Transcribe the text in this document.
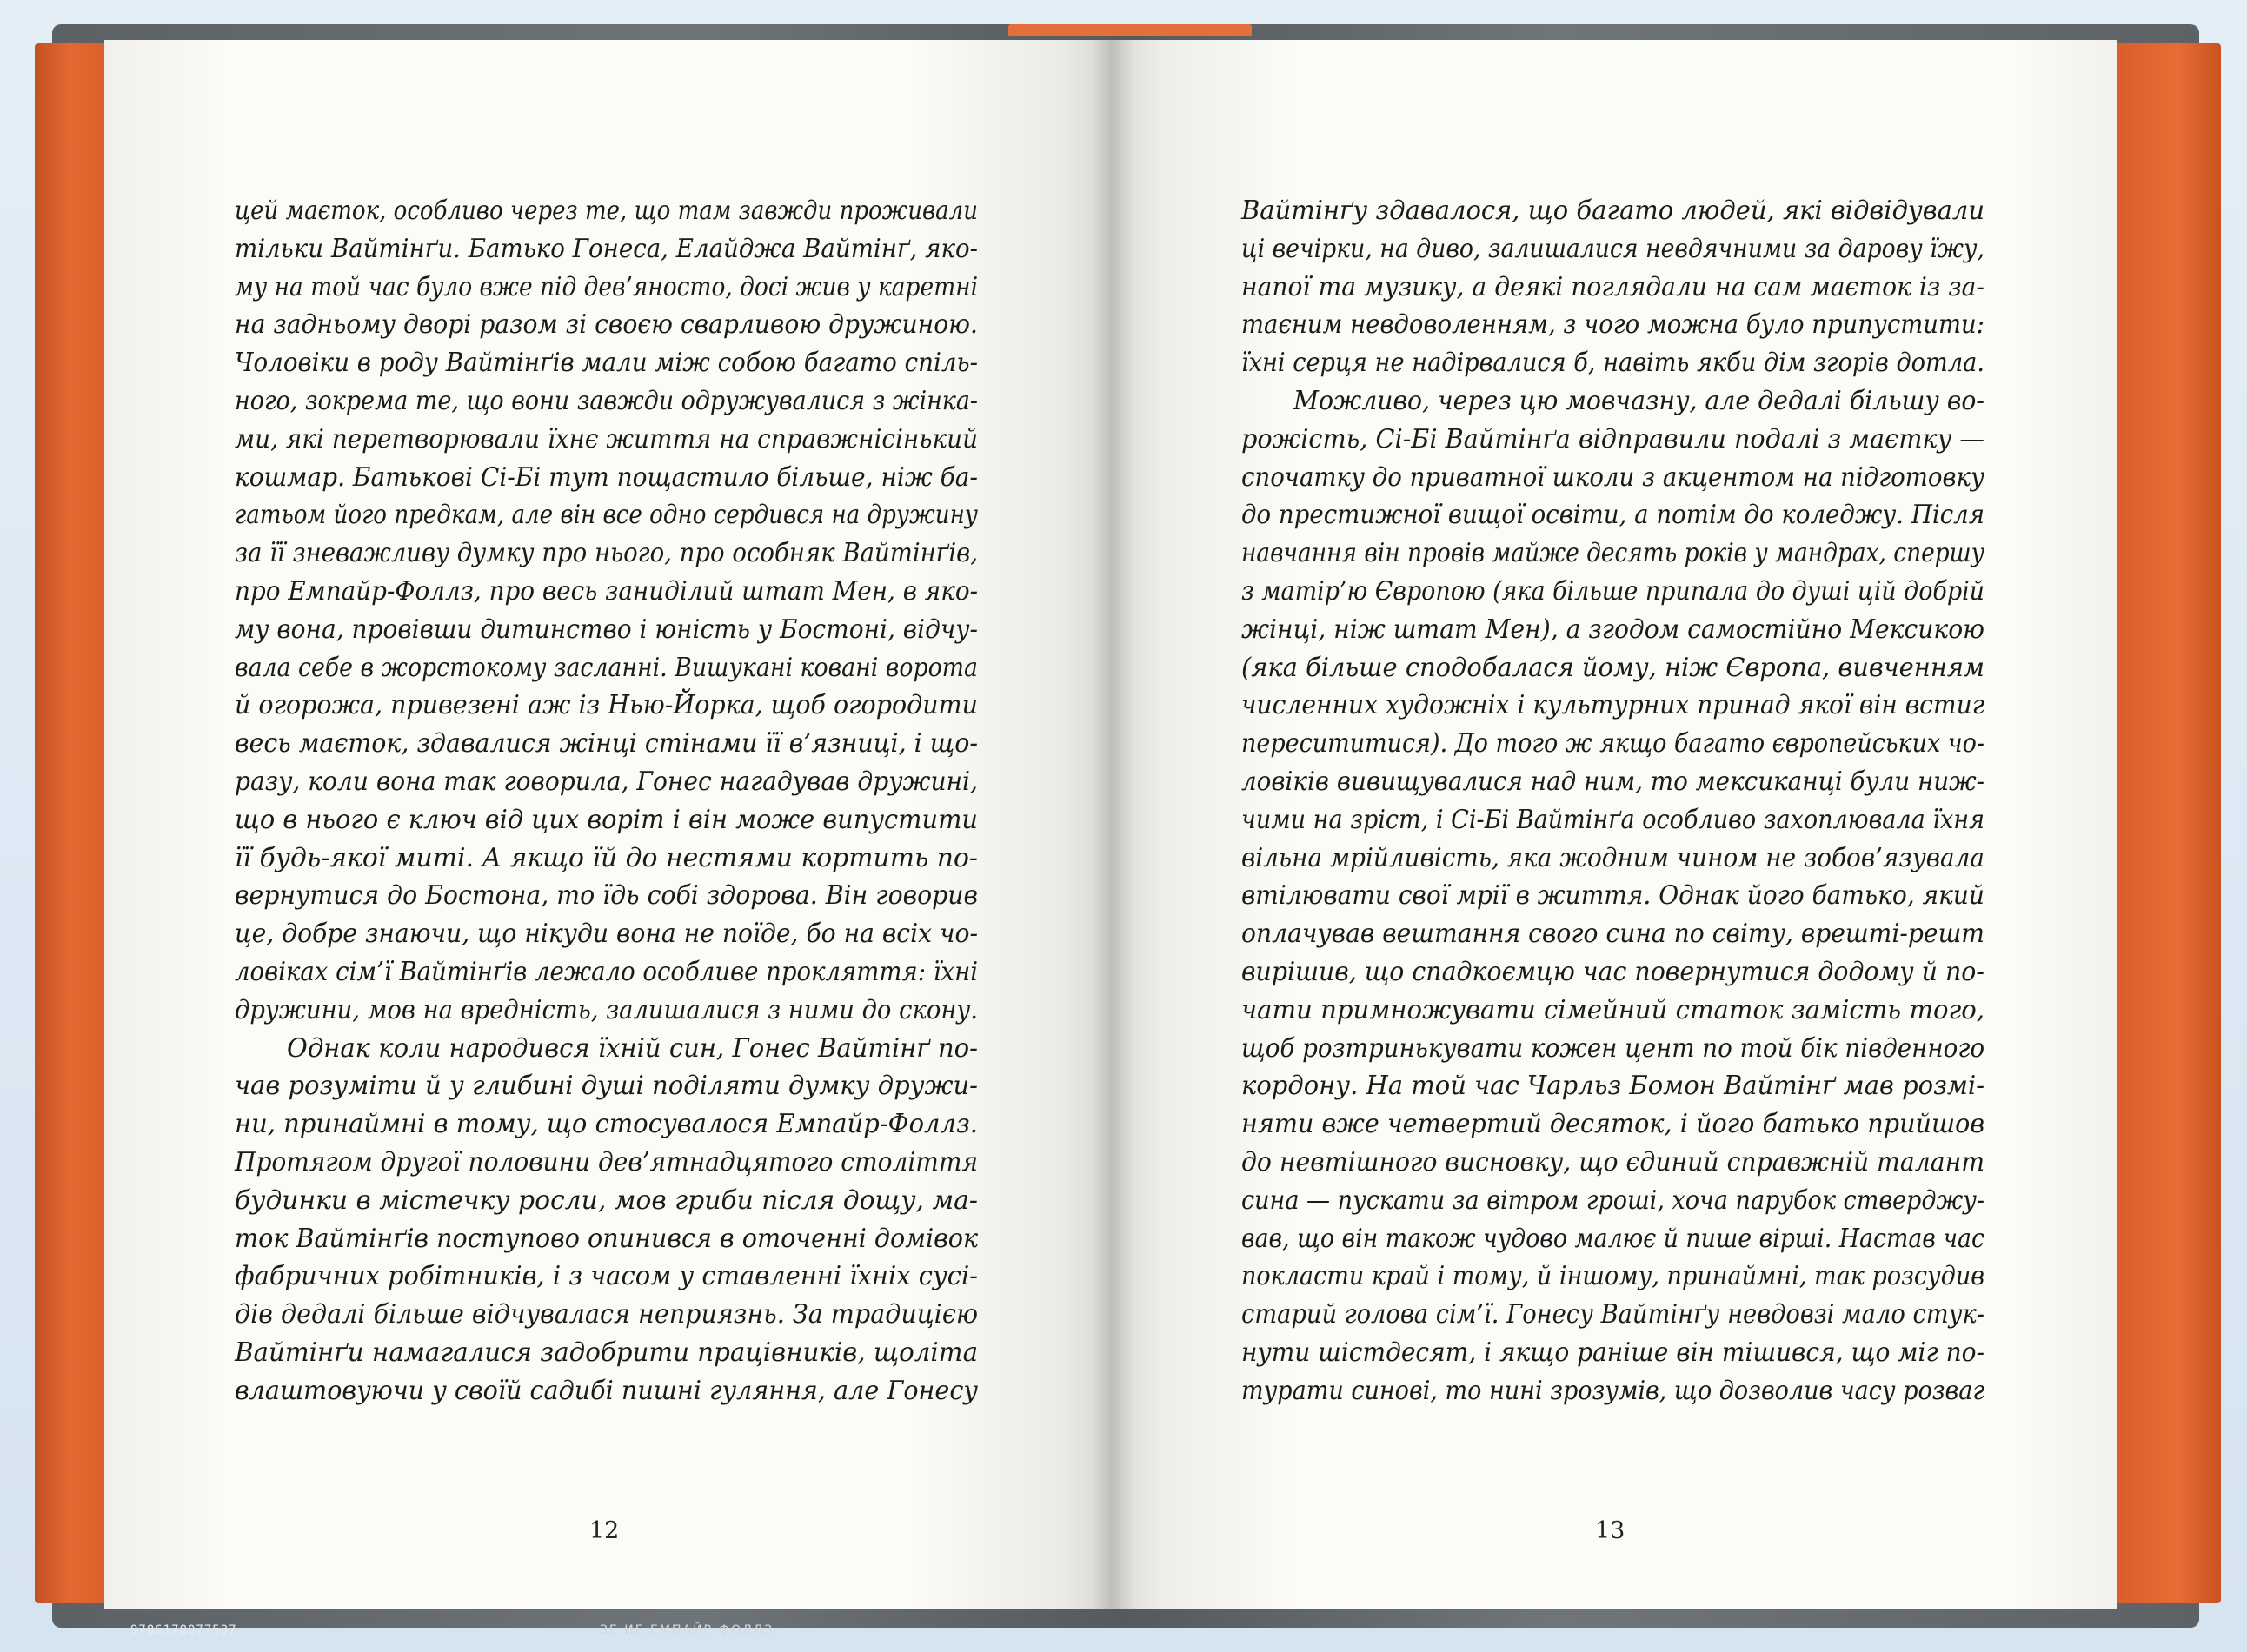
цей маєток, особливо через те, що там завжди проживали
тільки Вайтінґи. Батько Гонеса, Елайджа Вайтінґ, яко-
му на той час було вже під дев’яносто, досі жив у каретні
на задньому дворі разом зі своєю сварливою дружиною.
Чоловіки в роду Вайтінґів мали між собою багато спіль-
ного, зокрема те, що вони завжди одружувалися з жінка-
ми, які перетворювали їхнє життя на справжнісінький
кошмар. Батькові Сі-Бі тут пощастило більше, ніж ба-
гатьом його предкам, але він все одно сердився на дружину
за її зневажливу думку про нього, про особняк Вайтінґів,
про Емпайр-Фоллз, про весь заниділий штат Мен, в яко-
му вона, провівши дитинство і юність у Бостоні, відчу-
вала себе в жорстокому засланні. Вишукані ковані ворота
й огорожа, привезені аж із Нью-Йорка, щоб огородити
весь маєток, здавалися жінці стінами її в’язниці, і що-
разу, коли вона так говорила, Гонес нагадував дружині,
що в нього є ключ від цих воріт і він може випустити
її будь-якої миті. А якщо їй до нестями кортить по-
вернутися до Бостона, то їдь собі здорова. Він говорив
це, добре знаючи, що нікуди вона не поїде, бо на всіх чо-
ловіках сім’ї Вайтінґів лежало особливе прокляття: їхні
дружини, мов на вредність, залишалися з ними до скону.
Однак коли народився їхній син, Гонес Вайтінґ по-
чав розуміти й у глибині душі поділяти думку дружи-
ни, принаймні в тому, що стосувалося Емпайр-Фоллз.
Протягом другої половини дев’ятнадцятого століття
будинки в містечку росли, мов гриби після дощу, ма-
ток Вайтінґів поступово опинився в оточенні домівок
фабричних робітників, і з часом у ставленні їхніх сусі-
дів дедалі більше відчувалася неприязнь. За традицією
Вайтінґи намагалися задобрити працівників, щоліта
влаштовуючи у своїй садибі пишні гуляння, але Гонесу
12
Вайтінґу здавалося, що багато людей, які відвідували
ці вечірки, на диво, залишалися невдячними за дарову їжу,
напої та музику, а деякі поглядали на сам маєток із за-
таєним невдоволенням, з чого можна було припустити:
їхні серця не надірвалися б, навіть якби дім згорів дотла.
Можливо, через цю мовчазну, але дедалі більшу во-
рожість, Сі-Бі Вайтінґа відправили подалі з маєтку —
спочатку до приватної школи з акцентом на підготовку
до престижної вищої освіти, а потім до коледжу. Після
навчання він провів майже десять років у мандрах, спершу
з матір’ю Європою (яка більше припала до душі цій добрій
жінці, ніж штат Мен), а згодом самостійно Мексикою
(яка більше сподобалася йому, ніж Європа, вивченням
численних художніх і культурних принад якої він встиг
пересититися). До того ж якщо багато європейських чо-
ловіків вивищувалися над ним, то мексиканці були ниж-
чими на зріст, і Сі-Бі Вайтінґа особливо захоплювала їхня
вільна мрійливість, яка жодним чином не зобов’язувала
втілювати свої мрії в життя. Однак його батько, який
оплачував вештання свого сина по світу, врешті-решт
вирішив, що спадкоємцю час повернутися додому й по-
чати примножувати сімейний статок замість того,
щоб розтринькувати кожен цент по той бік південного
кордону. На той час Чарльз Бомон Вайтінґ мав розмі-
няти вже четвертий десяток, і його батько прийшов
до невтішного висновку, що єдиний справжній талант
сина — пускати за вітром гроші, хоча парубок стверджу-
вав, що він також чудово малює й пише вірші. Настав час
покласти край і тому, й іншому, принаймні, так розсудив
старий голова сім’ї. Гонесу Вайтінґу невдовзі мало стук-
нути шістдесят, і якщо раніше він тішився, що міг по-
турати синові, то нині зрозумів, що дозволив часу розваг
13
9786178077537	ЗЕ ИЕ ЕМПАЙР-ФОЛЛЗ
